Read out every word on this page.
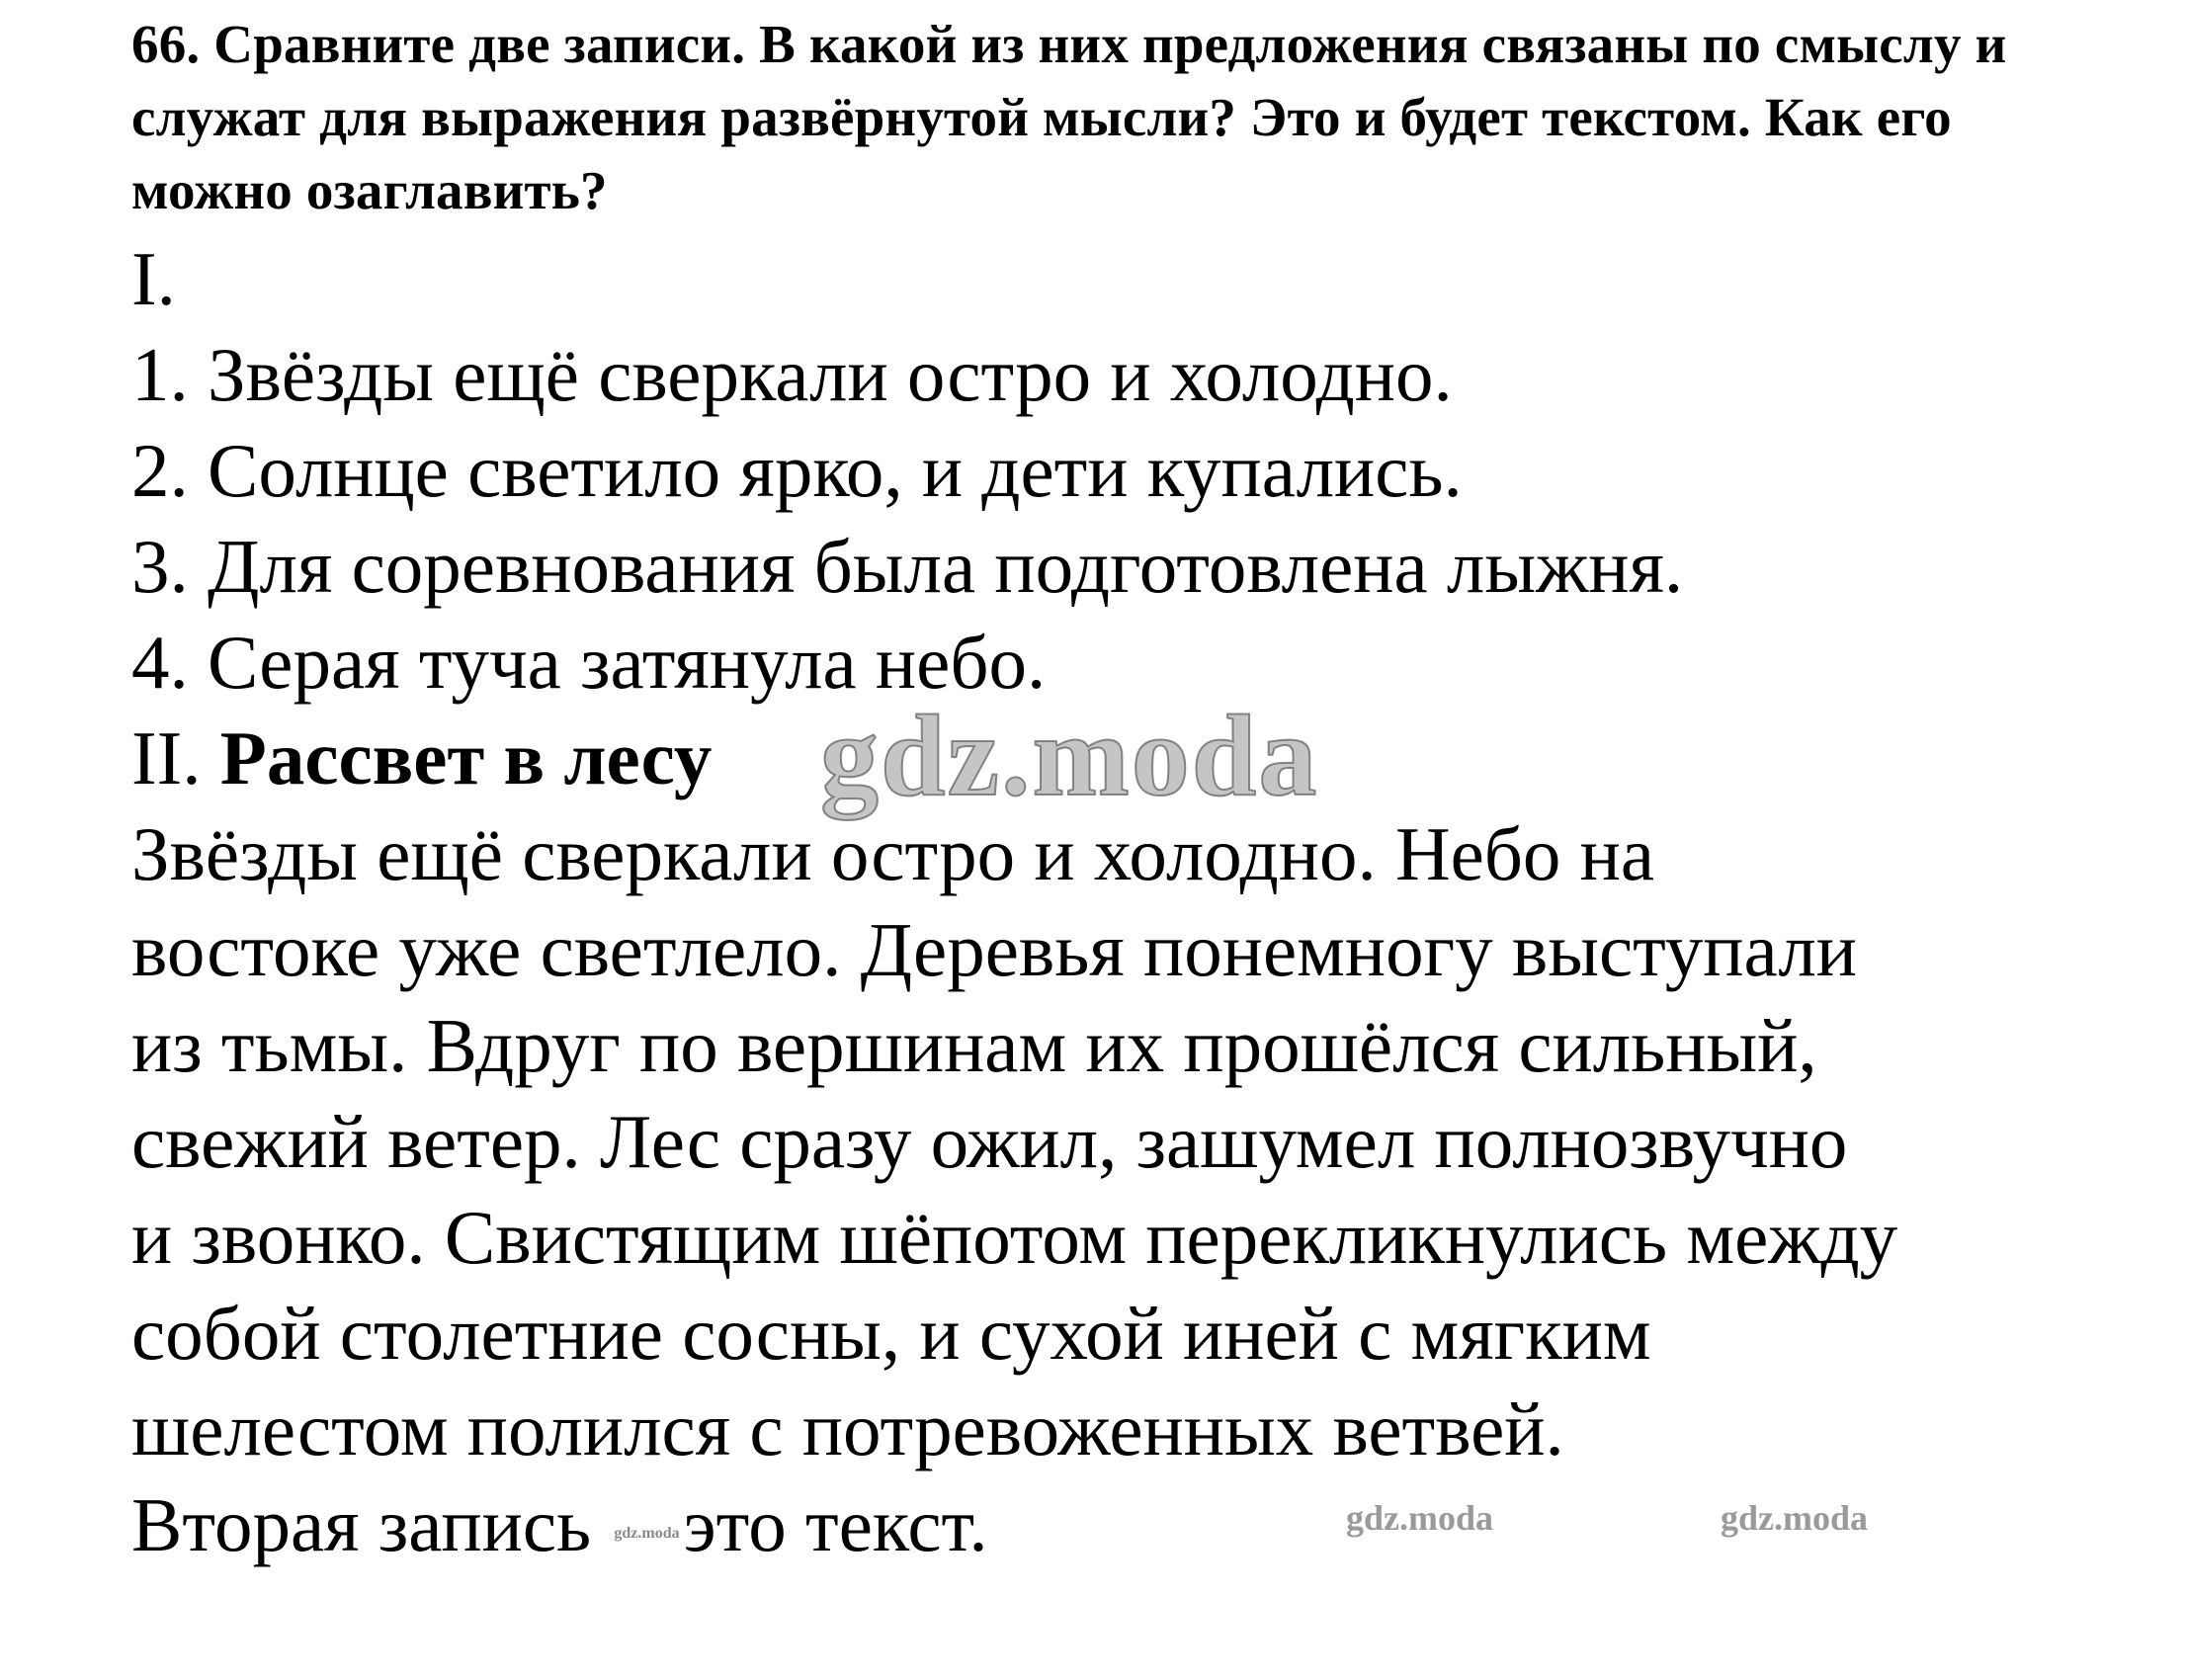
66. Сравните две записи. В какой из них предложения связаны по смыслу и служат для выражения развёрнутой мысли? Это и будет текстом. Как его можно озаглавить?

I.

1. Звёзды ещё сверкали остро и холодно.

2. Солнце светило ярко, и дети купались.

3. Для соревнования была подготовлена лыжня.

4. Серая туча затянула небо.

II. Рассвет в лесу gdz.moda

Звёзды ещё сверкали остро и холодно. Небо на

востоке уже светлело. Деревья понемногу выступали

из тьмы. Вдруг по вершинам их прошёлся сильный,

свежий ветер. Лес сразу ожил, зашумел полнозвучно

и звонко. Свистящим шёпотом перекликнулись между

собой столетние сосны, и сухой иней с мягким

шелестом полился с потревоженных ветвей.

Вторая запись gdz.modaэто текст.	gdz.moda	gdz.moda
